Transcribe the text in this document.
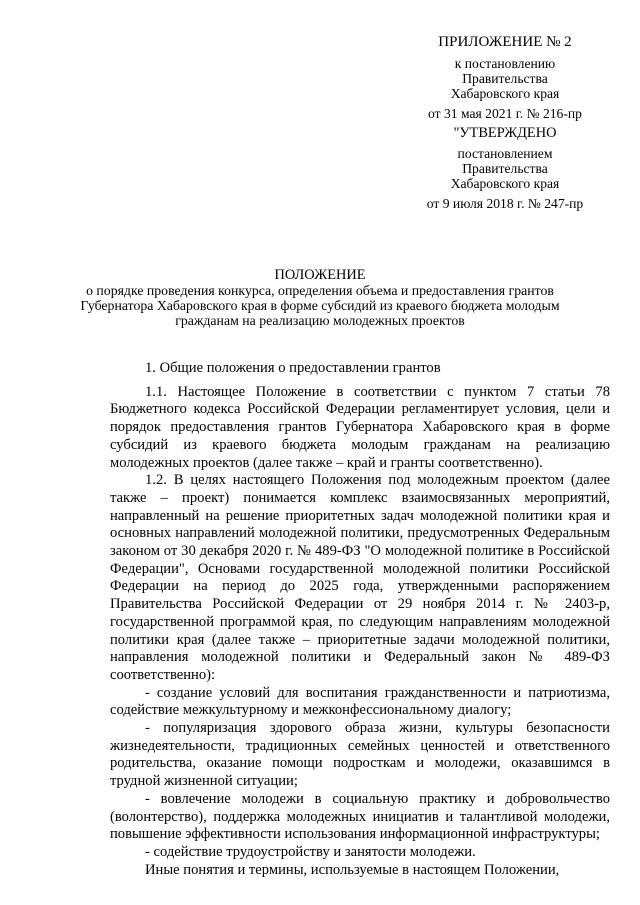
ПРИЛОЖЕНИЕ № 2
к постановлению
Правительства
Хабаровского края
от 31 мая 2021 г. № 216-пр
"УТВЕРЖДЕНО
постановлением
Правительства
Хабаровского края
от 9 июля 2018 г. № 247-пр
ПОЛОЖЕНИЕ
о порядке проведения конкурса, определения объема и предоставления грантов Губернатора Хабаровского края в форме субсидий из краевого бюджета молодым гражданам на реализацию молодежных проектов

1. Общие положения о предоставлении грантов

1.1. Настоящее Положение в соответствии с пунктом 7 статьи 78 Бюджетного кодекса Российской Федерации регламентирует условия, цели и порядок предоставления грантов Губернатора Хабаровского края в форме субсидий из краевого бюджета молодым гражданам на реализацию молодежных проектов (далее также – край и гранты соответственно).

1.2. В целях настоящего Положения под молодежным проектом (далее также – проект) понимается комплекс взаимосвязанных мероприятий, направленный на решение приоритетных задач молодежной политики края и основных направлений молодежной политики, предусмотренных Федеральным законом от 30 декабря 2020 г. № 489-ФЗ "О молодежной политике в Российской Федерации", Основами государственной молодежной политики Российской Федерации на период до 2025 года, утвержденными распоряжением Правительства Российской Федерации от 29 ноября 2014 г. № 2403-р, государственной программой края, по следующим направлениям молодежной политики края (далее также – приоритетные задачи молодежной политики, направления молодежной политики и Федеральный закон № 489-ФЗ соответственно):

- создание условий для воспитания гражданственности и патриотизма, содействие межкультурному и межконфессиональному диалогу;

- популяризация здорового образа жизни, культуры безопасности жизнедеятельности, традиционных семейных ценностей и ответственного родительства, оказание помощи подросткам и молодежи, оказавшимся в трудной жизненной ситуации;

- вовлечение молодежи в социальную практику и добровольчество (волонтерство), поддержка молодежных инициатив и талантливой молодежи, повышение эффективности использования информационной инфраструктуры;

- содействие трудоустройству и занятости молодежи.

Иные понятия и термины, используемые в настоящем Положении,
